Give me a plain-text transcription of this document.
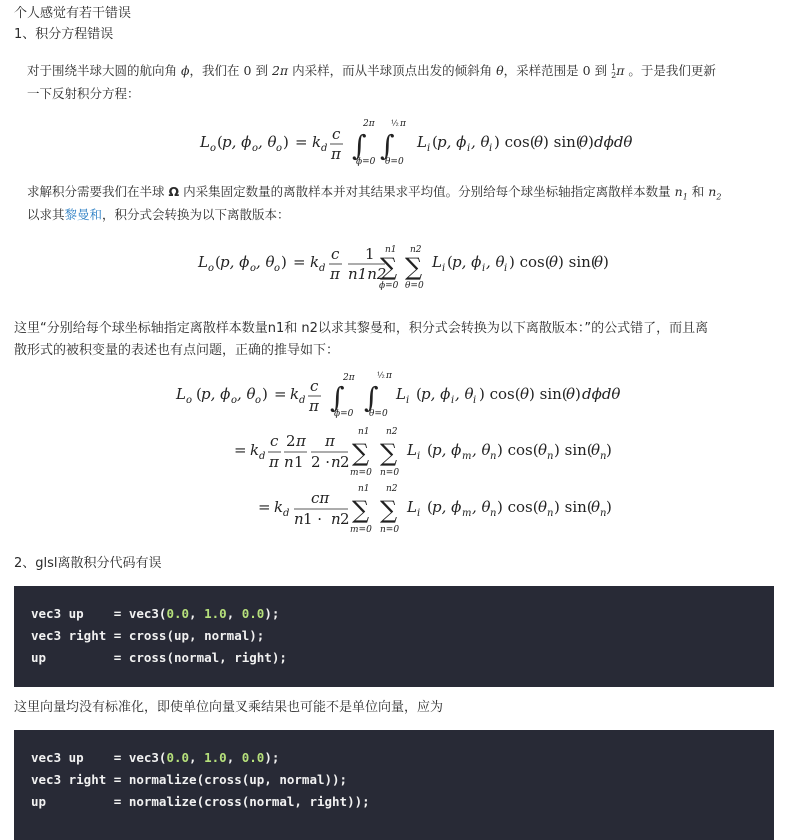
个人感觉有若干错误
1、积分方程错误
对于围绕半球大圆的航向角 ϕ，我们在 0 到 2π 内采样，而从半球顶点出发的倾斜角 θ，采样范围是 0 到 1
2π 。于是我们更新
一下反射积分方程：
L o ( p, ϕ o , θ o ) = k d
c
π ∫
2π
ϕ=0 ∫
½ π
θ=0
L i ( p, ϕ i , θ i ) cos(
θ ) sin(
θ ) dϕdθ
求解积分需要我们在半球 Ω 内采集固定数量的离散样本并对其结果求平均值。分别给每个球坐标轴指定离散样本数量 $n_1$ 和 $n_2$
以求其黎曼和，积分式会转换为以下离散版本：
L o ( p, ϕ o , θ o ) = k d
c
π
1
n1n2
n1
∑
ϕ=0
n2
∑
θ=0
L i ( p, ϕ i , θ i ) cos(
θ ) sin(
θ )
这里“分别给每个球坐标轴指定离散样本数量n1和 n2以求其黎曼和，积分式会转换为以下离散版本：”的公式错了，而且离
散形式的被积变量的表述也有点问题，正确的推导如下：
L o ( p, ϕ o , θ o ) = k d
c
π ∫
2π
ϕ=0 ∫
½ π
θ=0
L i ( p, ϕ i , θ i ) cos( θ ) sin(
θ ) dϕdθ
= k d
c
π
2 π
n 1
π
2 · n 2
n1
∑
m=0
n2
∑
n=0
L i ( p, ϕ m , θ n ) cos( θ n ) sin(
θ n )
= k d
cπ
n 1 · n 2
n1
∑
m=0
n2
∑
n=0
L i ( p, ϕ m , θ n ) cos( θ n ) sin(
θ n )
2、glsl离散积分代码有误
vec3 up    = vec3(0.0, 1.0, 0.0);
vec3 right = cross(up, normal);
up         = cross(normal, right);
这里向量均没有标准化，即使单位向量叉乘结果也可能不是单位向量，应为
vec3 up    = vec3(0.0, 1.0, 0.0);
vec3 right = normalize(cross(up, normal));
up         = normalize(cross(normal, right));
